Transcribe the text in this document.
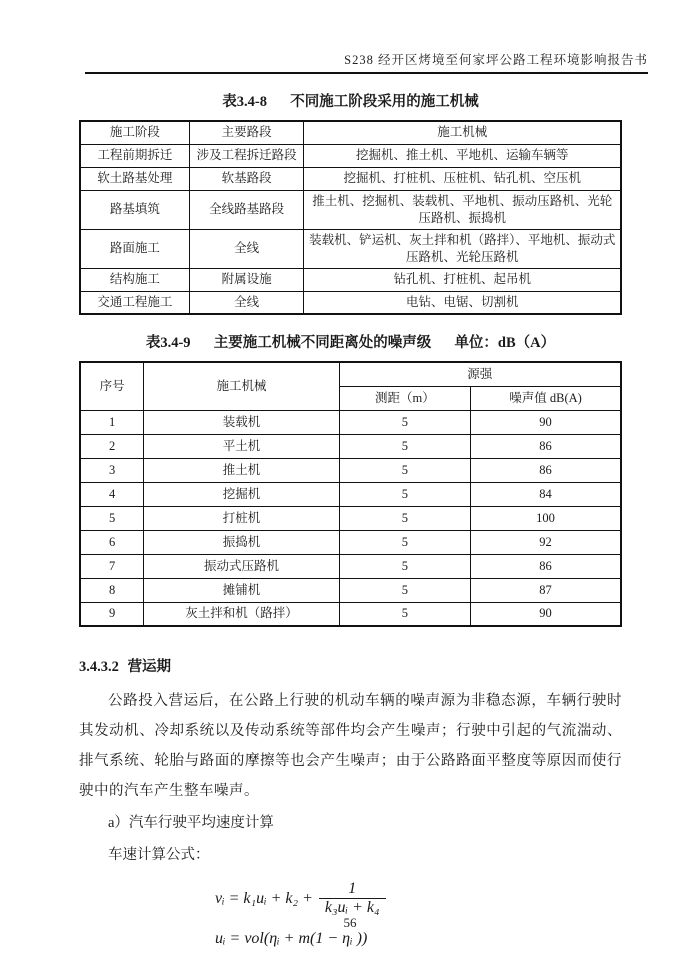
S238 经开区烤境至何家坪公路工程环境影响报告书
表3.4-8 不同施工阶段采用的施工机械
施工阶段	主要路段	施工机械
工程前期拆迁	涉及工程拆迁路段	挖掘机、推土机、平地机、运输车辆等
软土路基处理	软基路段	挖掘机、打桩机、压桩机、钻孔机、空压机
路基填筑	全线路基路段	推土机、挖掘机、装载机、平地机、振动压路机、光轮压路机、振捣机
路面施工	全线	装载机、铲运机、灰土拌和机（路拌）、平地机、振动式压路机、光轮压路机
结构施工	附属设施	钻孔机、打桩机、起吊机
交通工程施工	全线	电钻、电锯、切割机
表3.4-9 主要施工机械不同距离处的噪声级 单位：dB（A）
序号	施工机械	源强	
		测距（m）	噪声值 dB(A)
1	装载机	5	90
2	平土机	5	86
3	推土机	5	86
4	挖掘机	5	84
5	打桩机	5	100
6	振捣机	5	92
7	振动式压路机	5	86
8	摊铺机	5	87
9	灰土拌和机（路拌）	5	90
3.4.3.2 营运期

公路投入营运后，在公路上行驶的机动车辆的噪声源为非稳态源，车辆行驶时其发动机、冷却系统以及传动系统等部件均会产生噪声；行驶中引起的气流湍动、排气系统、轮胎与路面的摩擦等也会产生噪声；由于公路路面平整度等原因而使行驶中的汽车产生整车噪声。

a）汽车行驶平均速度计算

车速计算公式：

vᵢ = k₁uᵢ + $k_2 + \frac{1}{\text{k₃uᵢ + k₄}}$
uᵢ = vol(ηᵢ + m(1 − ηᵢ ))
56
